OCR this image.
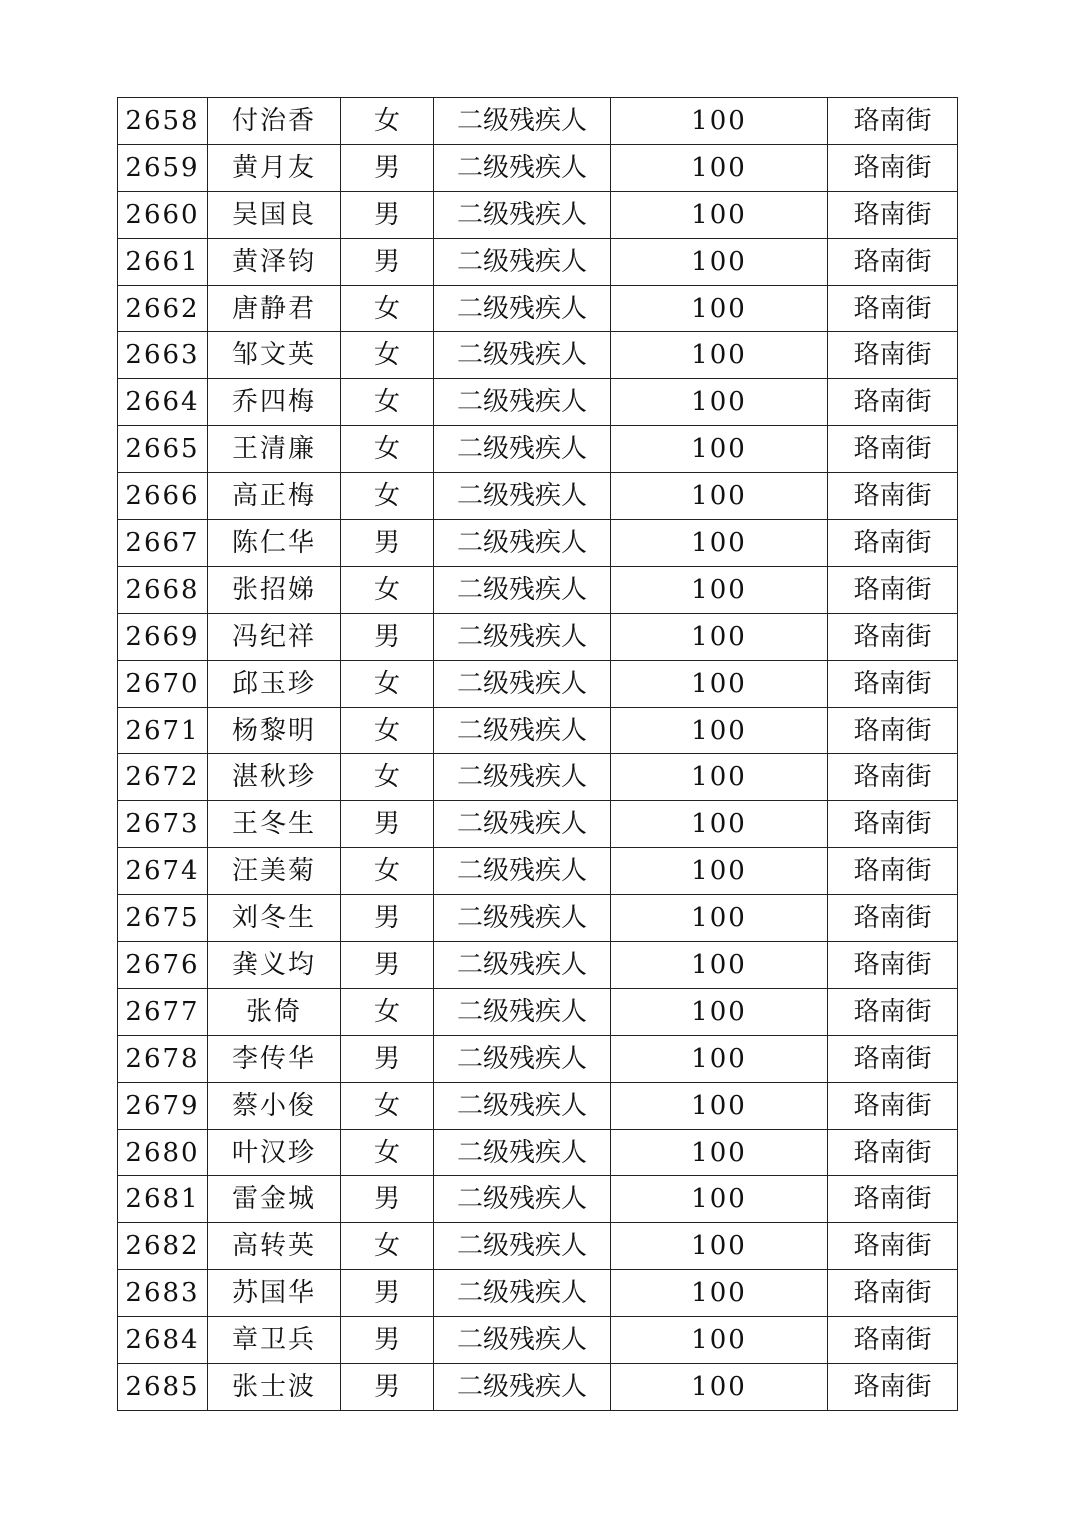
2658	付治香	女	二级残疾人	100	珞南街
2659	黄月友	男	二级残疾人	100	珞南街
2660	吴国良	男	二级残疾人	100	珞南街
2661	黄泽钧	男	二级残疾人	100	珞南街
2662	唐静君	女	二级残疾人	100	珞南街
2663	邹文英	女	二级残疾人	100	珞南街
2664	乔四梅	女	二级残疾人	100	珞南街
2665	王清廉	女	二级残疾人	100	珞南街
2666	高正梅	女	二级残疾人	100	珞南街
2667	陈仁华	男	二级残疾人	100	珞南街
2668	张招娣	女	二级残疾人	100	珞南街
2669	冯纪祥	男	二级残疾人	100	珞南街
2670	邱玉珍	女	二级残疾人	100	珞南街
2671	杨黎明	女	二级残疾人	100	珞南街
2672	湛秋珍	女	二级残疾人	100	珞南街
2673	王冬生	男	二级残疾人	100	珞南街
2674	汪美菊	女	二级残疾人	100	珞南街
2675	刘冬生	男	二级残疾人	100	珞南街
2676	龚义均	男	二级残疾人	100	珞南街
2677	张倚	女	二级残疾人	100	珞南街
2678	李传华	男	二级残疾人	100	珞南街
2679	蔡小俊	女	二级残疾人	100	珞南街
2680	叶汉珍	女	二级残疾人	100	珞南街
2681	雷金城	男	二级残疾人	100	珞南街
2682	高转英	女	二级残疾人	100	珞南街
2683	苏国华	男	二级残疾人	100	珞南街
2684	章卫兵	男	二级残疾人	100	珞南街
2685	张士波	男	二级残疾人	100	珞南街
